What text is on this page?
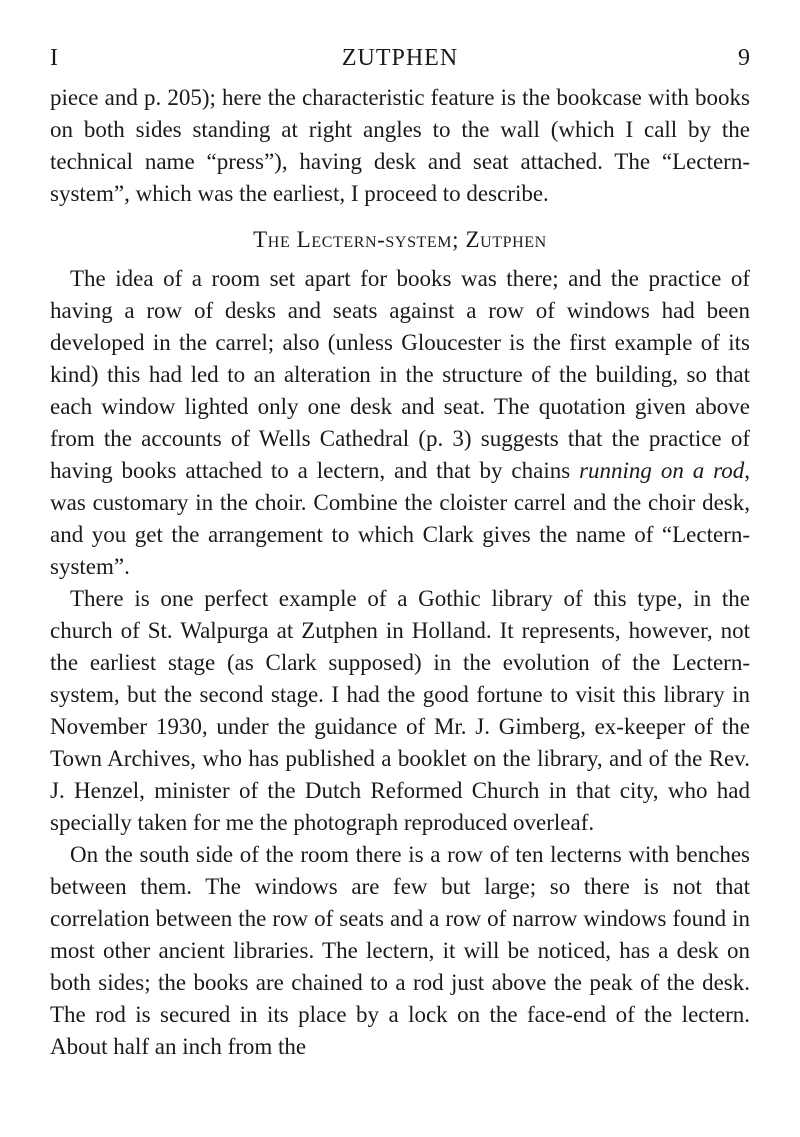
I	ZUTPHEN	9

piece and p. 205); here the characteristic feature is the bookcase with books on both sides standing at right angles to the wall (which I call by the technical name “press”), having desk and seat attached. The “Lectern-system”, which was the earliest, I proceed to describe.

The Lectern-system; Zutphen

The idea of a room set apart for books was there; and the practice of having a row of desks and seats against a row of windows had been developed in the carrel; also (unless Gloucester is the first example of its kind) this had led to an alteration in the structure of the building, so that each window lighted only one desk and seat. The quotation given above from the accounts of Wells Cathedral (p. 3) suggests that the practice of having books attached to a lectern, and that by chains running on a rod, was customary in the choir. Combine the cloister carrel and the choir desk, and you get the arrangement to which Clark gives the name of “Lectern-system”.

There is one perfect example of a Gothic library of this type, in the church of St. Walpurga at Zutphen in Holland. It represents, however, not the earliest stage (as Clark supposed) in the evolution of the Lectern-system, but the second stage. I had the good fortune to visit this library in November 1930, under the guidance of Mr. J. Gimberg, ex-keeper of the Town Archives, who has published a booklet on the library, and of the Rev. J. Henzel, minister of the Dutch Reformed Church in that city, who had specially taken for me the photograph reproduced overleaf.

On the south side of the room there is a row of ten lecterns with benches between them. The windows are few but large; so there is not that correlation between the row of seats and a row of narrow windows found in most other ancient libraries. The lectern, it will be noticed, has a desk on both sides; the books are chained to a rod just above the peak of the desk. The rod is secured in its place by a lock on the face-end of the lectern. About half an inch from the
